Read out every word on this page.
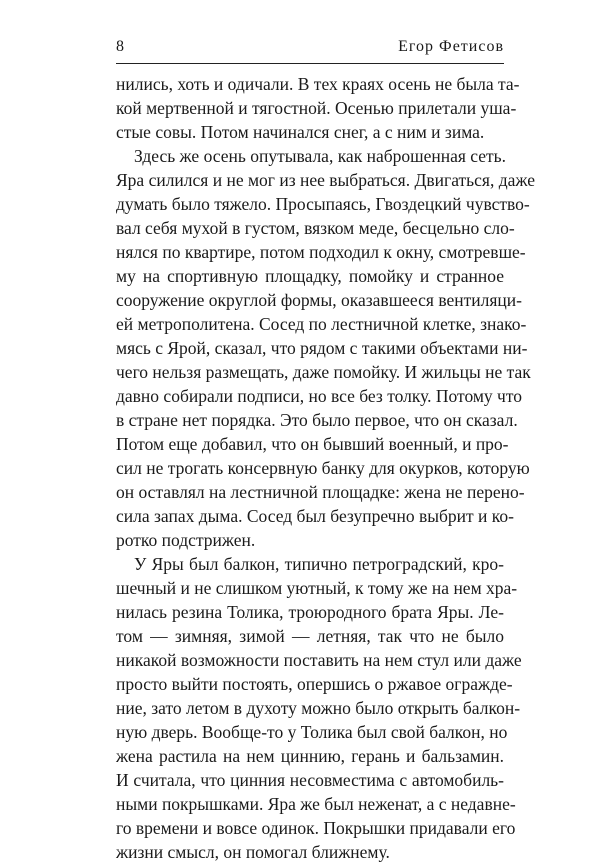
8	Егор Фетисов
нились, хоть и одичали. В тех краях осень не была та-
кой мертвенной и тягостной. Осенью прилетали уша-
стые совы. Потом начинался снег, а с ним и зима.
Здесь же осень опутывала, как наброшенная сеть.
Яра силился и не мог из нее выбраться. Двигаться, даже
думать было тяжело. Просыпаясь, Гвоздецкий чувство-
вал себя мухой в густом, вязком меде, бесцельно сло-
нялся по квартире, потом подходил к окну, смотревше-
му на спортивную площадку, помойку и странное
сооружение округлой формы, оказавшееся вентиляци-
ей метрополитена. Сосед по лестничной клетке, знако-
мясь с Ярой, сказал, что рядом с такими объектами ни-
чего нельзя размещать, даже помойку. И жильцы не так
давно собирали подписи, но все без толку. Потому что
в стране нет порядка. Это было первое, что он сказал.
Потом еще добавил, что он бывший военный, и про-
сил не трогать консервную банку для окурков, которую
он оставлял на лестничной площадке: жена не перено-
сила запах дыма. Сосед был безупречно выбрит и ко-
ротко подстрижен.
У Яры был балкон, типично петроградский, кро-
шечный и не слишком уютный, к тому же на нем хра-
нилась резина Толика, троюродного брата Яры. Ле-
том — зимняя, зимой — летняя, так что не было
никакой возможности поставить на нем стул или даже
просто выйти постоять, опершись о ржавое огражде-
ние, зато летом в духоту можно было открыть балкон-
ную дверь. Вообще-то у Толика был свой балкон, но
жена растила на нем циннию, герань и бальзамин.
И считала, что цинния несовместима с автомобиль-
ными покрышками. Яра же был неженат, а с недавне-
го времени и вовсе одинок. Покрышки придавали его
жизни смысл, он помогал ближнему.
